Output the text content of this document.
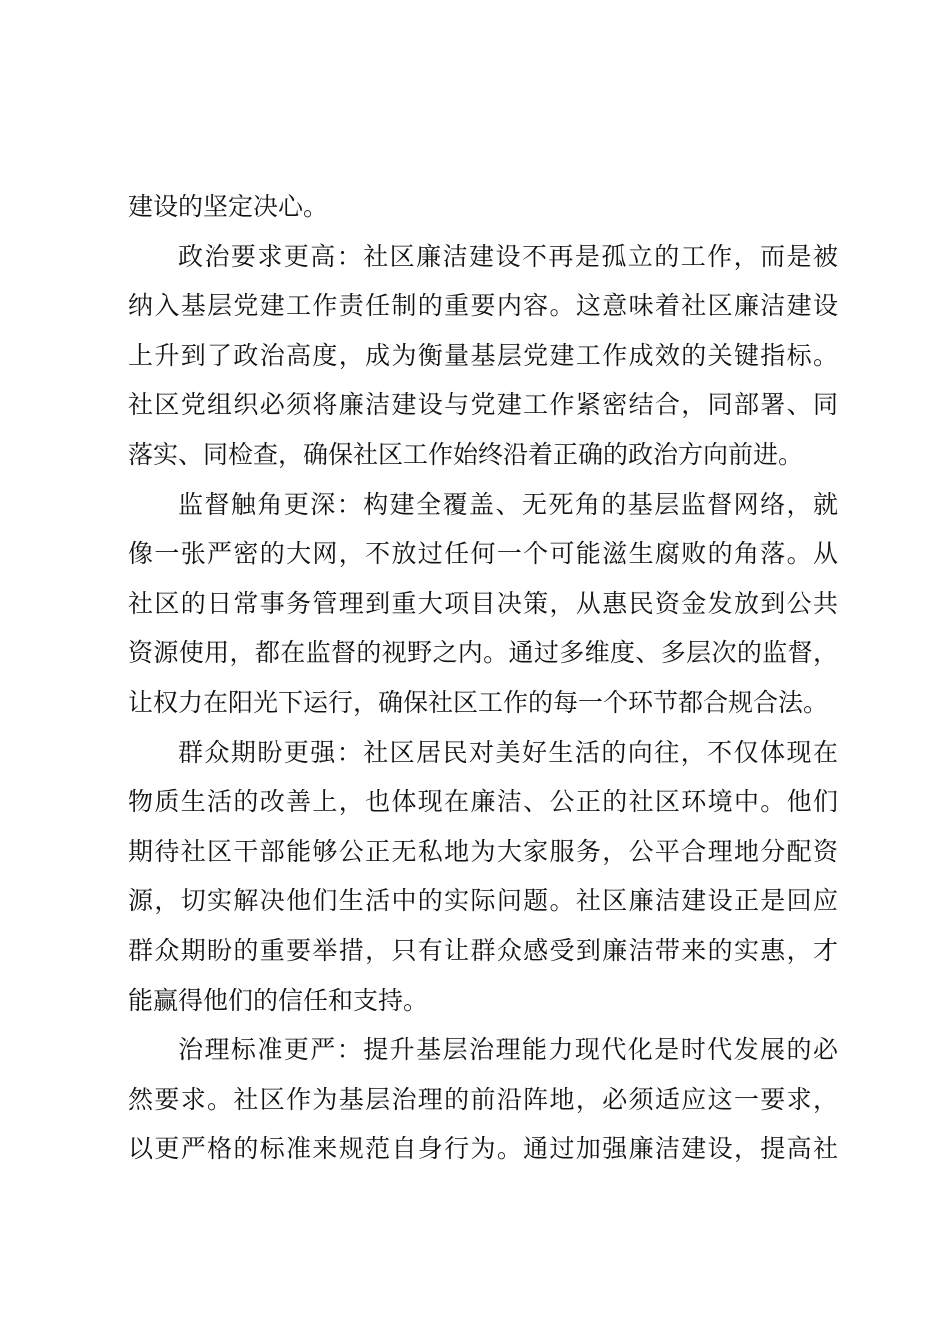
建设的坚定决心。
政治要求更高：社区廉洁建设不再是孤立的工作，而是被
纳入基层党建工作责任制的重要内容。这意味着社区廉洁建设
上升到了政治高度，成为衡量基层党建工作成效的关键指标。
社区党组织必须将廉洁建设与党建工作紧密结合，同部署、同
落实、同检查，确保社区工作始终沿着正确的政治方向前进。
监督触角更深：构建全覆盖、无死角的基层监督网络，就
像一张严密的大网，不放过任何一个可能滋生腐败的角落。从
社区的日常事务管理到重大项目决策，从惠民资金发放到公共
资源使用，都在监督的视野之内。通过多维度、多层次的监督，
让权力在阳光下运行，确保社区工作的每一个环节都合规合法。
群众期盼更强：社区居民对美好生活的向往，不仅体现在
物质生活的改善上，也体现在廉洁、公正的社区环境中。他们
期待社区干部能够公正无私地为大家服务，公平合理地分配资
源，切实解决他们生活中的实际问题。社区廉洁建设正是回应
群众期盼的重要举措，只有让群众感受到廉洁带来的实惠，才
能赢得他们的信任和支持。
治理标准更严：提升基层治理能力现代化是时代发展的必
然要求。社区作为基层治理的前沿阵地，必须适应这一要求，
以更严格的标准来规范自身行为。通过加强廉洁建设，提高社
